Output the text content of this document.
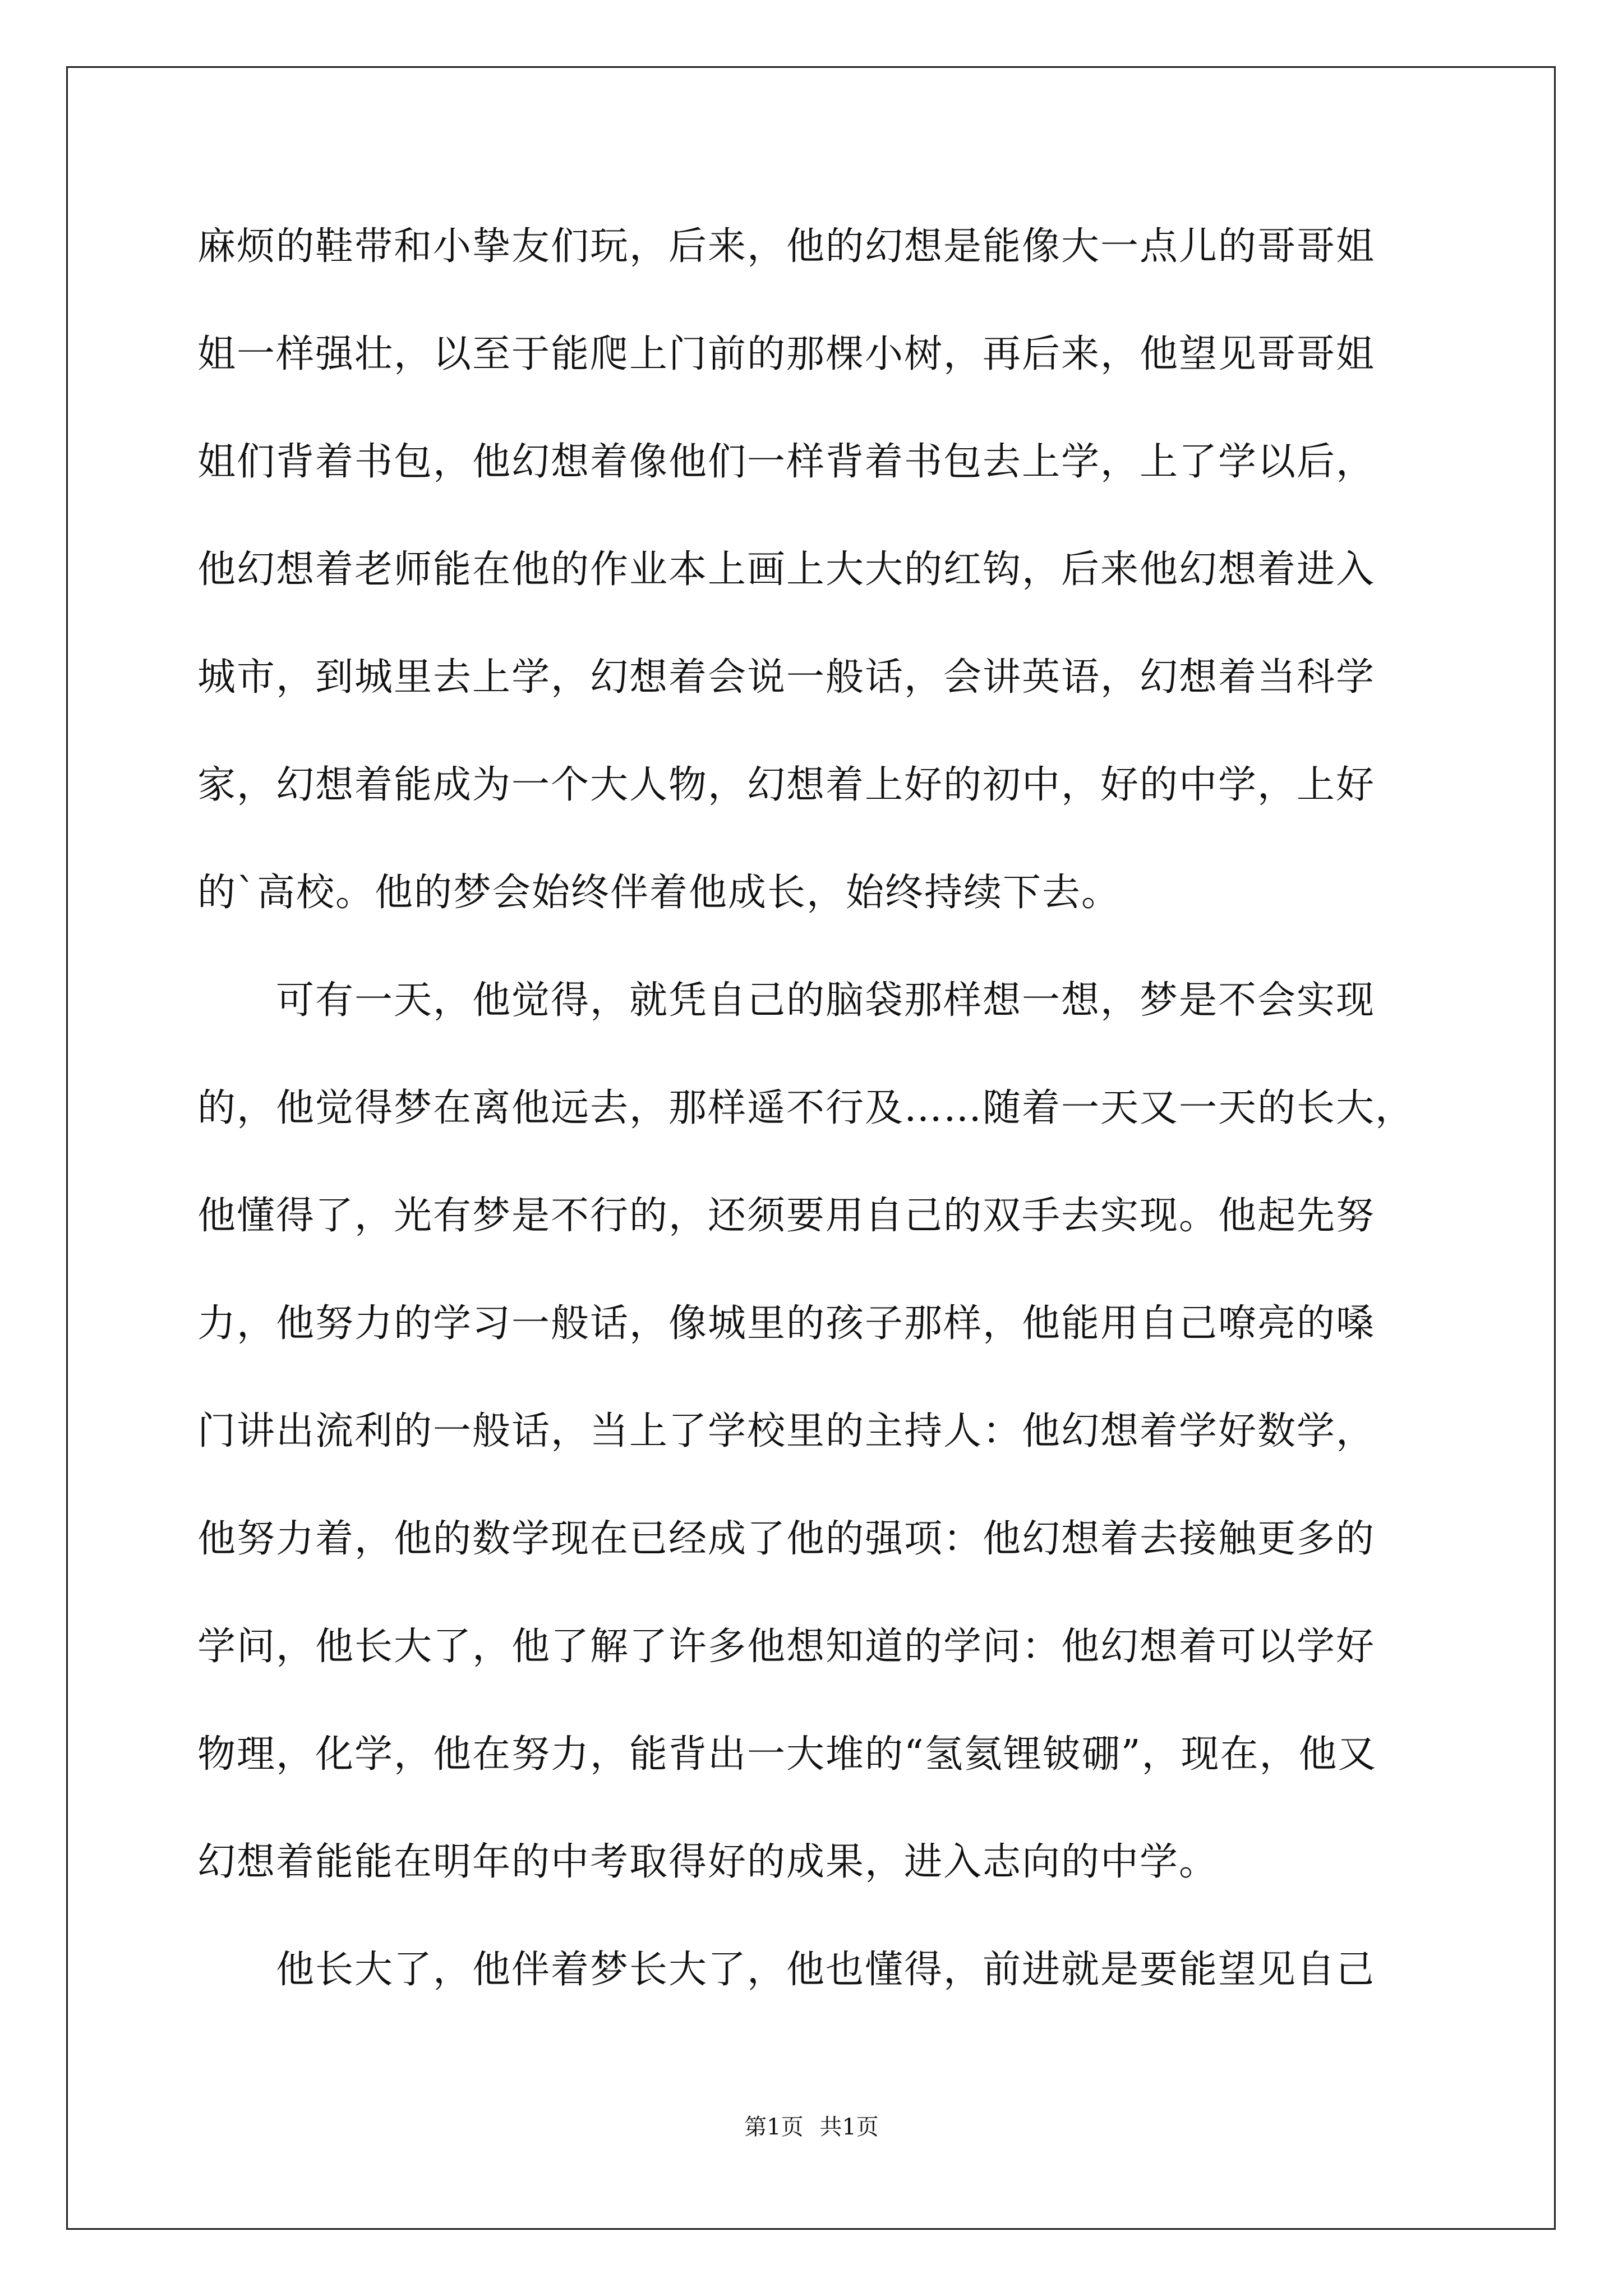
麻烦的鞋带和小挚友们玩，后来，他的幻想是能像大一点儿的哥哥姐
姐一样强壮，以至于能爬上门前的那棵小树，再后来，他望见哥哥姐
姐们背着书包，他幻想着像他们一样背着书包去上学，上了学以后，
他幻想着老师能在他的作业本上画上大大的红钩，后来他幻想着进入
城市，到城里去上学，幻想着会说一般话，会讲英语，幻想着当科学
家，幻想着能成为一个大人物，幻想着上好的初中，好的中学，上好
的`高校。他的梦会始终伴着他成长，始终持续下去。
　　可有一天，他觉得，就凭自己的脑袋那样想一想，梦是不会实现
的，他觉得梦在离他远去，那样遥不行及……随着一天又一天的长大，
他懂得了，光有梦是不行的，还须要用自己的双手去实现。他起先努
力，他努力的学习一般话，像城里的孩子那样，他能用自己嘹亮的嗓
门讲出流利的一般话，当上了学校里的主持人：他幻想着学好数学，
他努力着，他的数学现在已经成了他的强项：他幻想着去接触更多的
学问，他长大了，他了解了许多他想知道的学问：他幻想着可以学好
物理，化学，他在努力，能背出一大堆的“氢氦锂铍硼”，现在，他又
幻想着能能在明年的中考取得好的成果，进入志向的中学。
　　他长大了，他伴着梦长大了，他也懂得，前进就是要能望见自己
第1页 共1页
